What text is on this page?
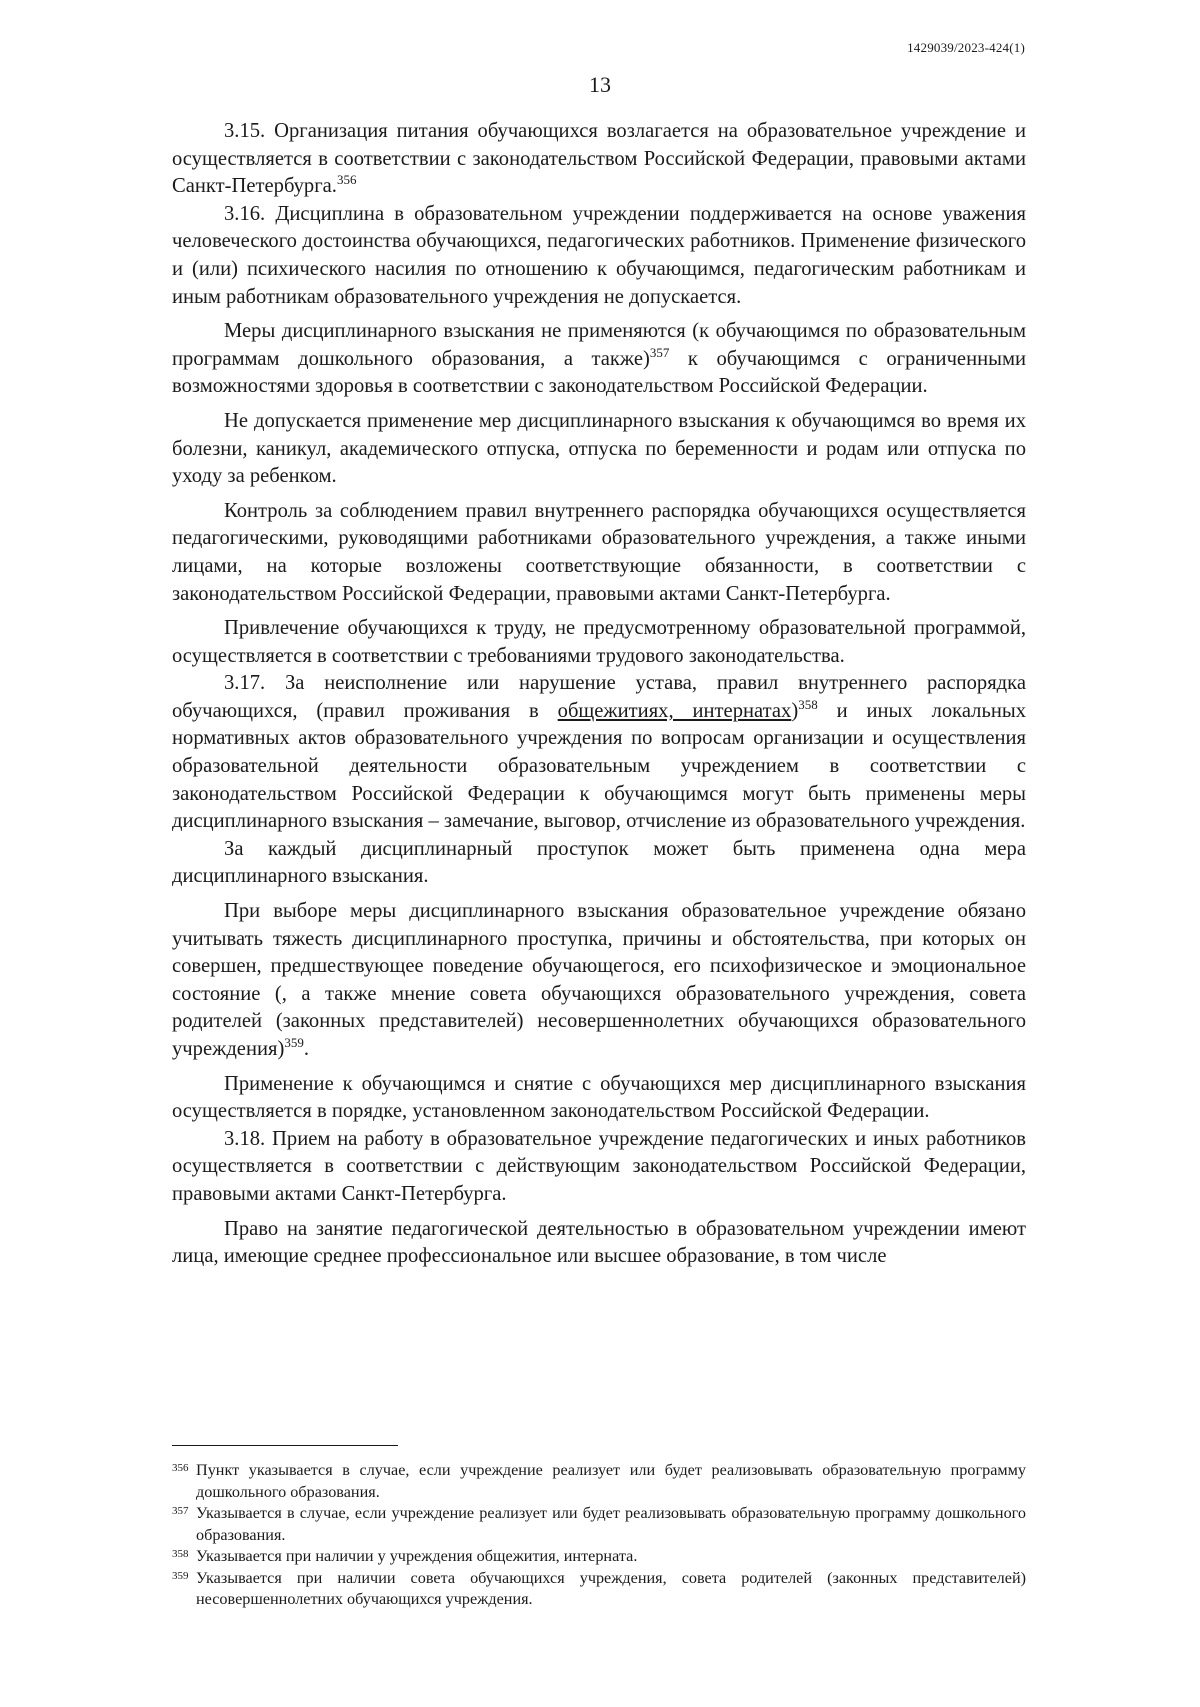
1429039/2023-424(1)
13

3.15. Организация питания обучающихся возлагается на образовательное учреждение и осуществляется в соответствии с законодательством Российской Федерации, правовыми актами Санкт-Петербурга.$^{356}$

3.16. Дисциплина в образовательном учреждении поддерживается на основе уважения человеческого достоинства обучающихся, педагогических работников. Применение физического и (или) психического насилия по отношению к обучающимся, педагогическим работникам и иным работникам образовательного учреждения не допускается.

Меры дисциплинарного взыскания не применяются (к обучающимся по образовательным программам дошкольного образования, а также)$^{357}$ к обучающимся с ограниченными возможностями здоровья в соответствии с законодательством Российской Федерации.

Не допускается применение мер дисциплинарного взыскания к обучающимся во время их болезни, каникул, академического отпуска, отпуска по беременности и родам или отпуска по уходу за ребенком.

Контроль за соблюдением правил внутреннего распорядка обучающихся осуществляется педагогическими, руководящими работниками образовательного учреждения, а также иными лицами, на которые возложены соответствующие обязанности, в соответствии с законодательством Российской Федерации, правовыми актами Санкт-Петербурга.

Привлечение обучающихся к труду, не предусмотренному образовательной программой, осуществляется в соответствии с требованиями трудового законодательства.

3.17. За неисполнение или нарушение устава, правил внутреннего распорядка обучающихся, (правил проживания в общежитиях, интернатах)$^{358}$ и иных локальных нормативных актов образовательного учреждения по вопросам организации и осуществления образовательной деятельности образовательным учреждением в соответствии с законодательством Российской Федерации к обучающимся могут быть применены меры дисциплинарного взыскания – замечание, выговор, отчисление из образовательного учреждения.

За каждый дисциплинарный проступок может быть применена одна мера дисциплинарного взыскания.

При выборе меры дисциплинарного взыскания образовательное учреждение обязано учитывать тяжесть дисциплинарного проступка, причины и обстоятельства, при которых он совершен, предшествующее поведение обучающегося, его психофизическое и эмоциональное состояние (, а также мнение совета обучающихся образовательного учреждения, совета родителей (законных представителей) несовершеннолетних обучающихся образовательного учреждения)$^{359}$.

Применение к обучающимся и снятие с обучающихся мер дисциплинарного взыскания осуществляется в порядке, установленном законодательством Российской Федерации.

3.18. Прием на работу в образовательное учреждение педагогических и иных работников осуществляется в соответствии с действующим законодательством Российской Федерации, правовыми актами Санкт-Петербурга.

Право на занятие педагогической деятельностью в образовательном учреждении имеют лица, имеющие среднее профессиональное или высшее образование, в том числе

356 Пункт указывается в случае, если учреждение реализует или будет реализовывать образовательную программу дошкольного образования.
357 Указывается в случае, если учреждение реализует или будет реализовывать образовательную программу дошкольного образования.
358 Указывается при наличии у учреждения общежития, интерната.
359 Указывается при наличии совета обучающихся учреждения, совета родителей (законных представителей) несовершеннолетних обучающихся учреждения.
